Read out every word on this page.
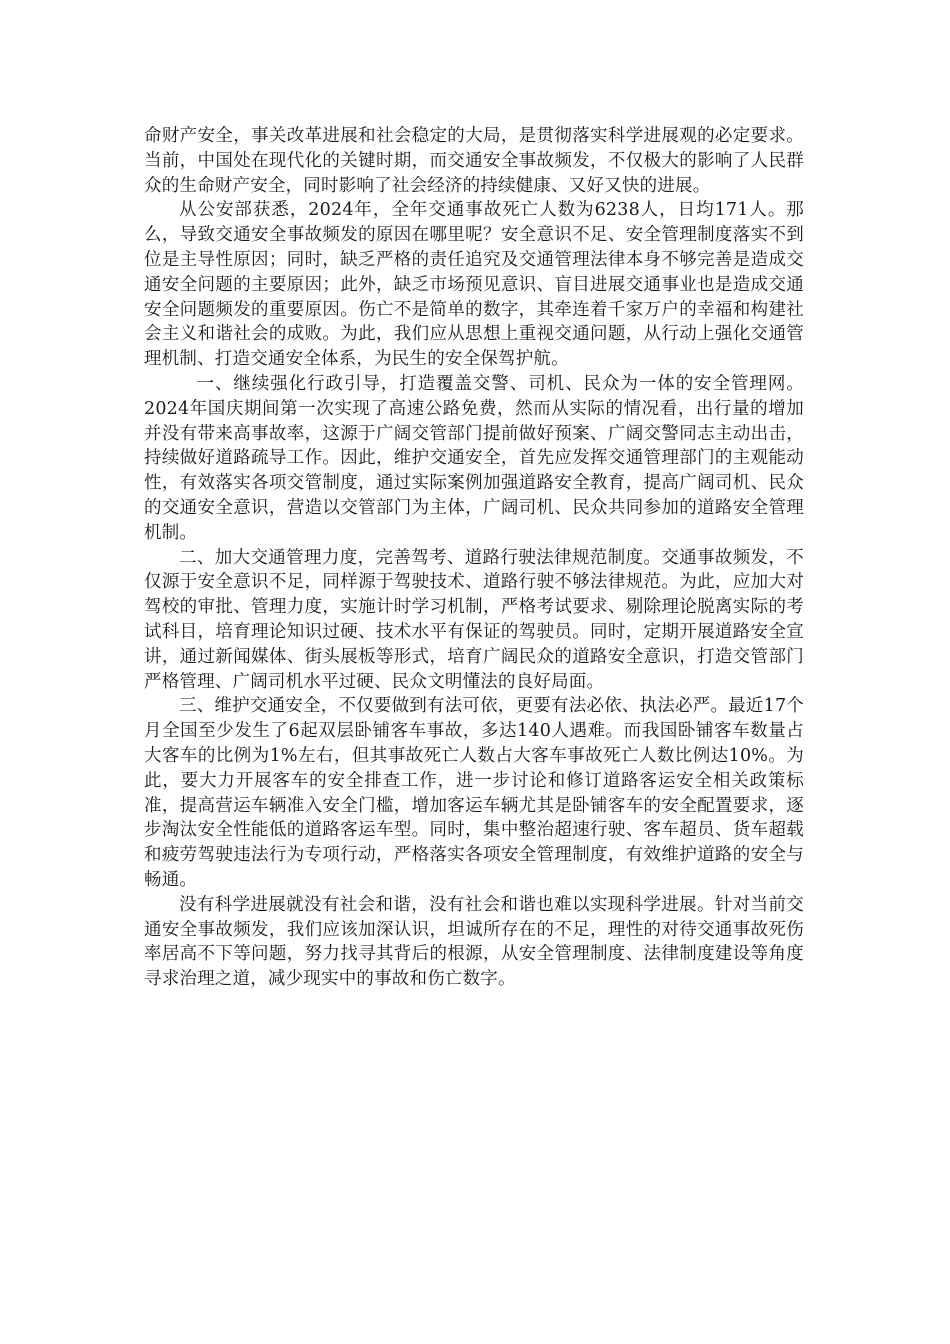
命财产安全，事关改革进展和社会稳定的大局，是贯彻落实科学进展观的必定要求。当前，中国处在现代化的关键时期，而交通安全事故频发，不仅极大的影响了人民群众的生命财产安全，同时影响了社会经济的持续健康、又好又快的进展。

从公安部获悉，2024年，全年交通事故死亡人数为6238人，日均171人。那么，导致交通安全事故频发的原因在哪里呢？安全意识不足、安全管理制度落实不到位是主导性原因；同时，缺乏严格的责任追究及交通管理法律本身不够完善是造成交通安全问题的主要原因；此外，缺乏市场预见意识、盲目进展交通事业也是造成交通安全问题频发的重要原因。伤亡不是简单的数字，其牵连着千家万户的幸福和构建社会主义和谐社会的成败。为此，我们应从思想上重视交通问题，从行动上强化交通管理机制、打造交通安全体系，为民生的安全保驾护航。

一、继续强化行政引导，打造覆盖交警、司机、民众为一体的安全管理网。2024年国庆期间第一次实现了高速公路免费，然而从实际的情况看，出行量的增加并没有带来高事故率，这源于广阔交管部门提前做好预案、广阔交警同志主动出击，持续做好道路疏导工作。因此，维护交通安全，首先应发挥交通管理部门的主观能动性，有效落实各项交管制度，通过实际案例加强道路安全教育，提高广阔司机、民众的交通安全意识，营造以交管部门为主体，广阔司机、民众共同参加的道路安全管理机制。

二、加大交通管理力度，完善驾考、道路行驶法律规范制度。交通事故频发，不仅源于安全意识不足，同样源于驾驶技术、道路行驶不够法律规范。为此，应加大对驾校的审批、管理力度，实施计时学习机制，严格考试要求、剔除理论脱离实际的考试科目，培育理论知识过硬、技术水平有保证的驾驶员。同时，定期开展道路安全宣讲，通过新闻媒体、街头展板等形式，培育广阔民众的道路安全意识，打造交管部门严格管理、广阔司机水平过硬、民众文明懂法的良好局面。

三、维护交通安全，不仅要做到有法可依，更要有法必依、执法必严。最近17个月全国至少发生了6起双层卧铺客车事故，多达140人遇难。而我国卧铺客车数量占大客车的比例为1%左右，但其事故死亡人数占大客车事故死亡人数比例达10%。为此，要大力开展客车的安全排查工作，进一步讨论和修订道路客运安全相关政策标准，提高营运车辆准入安全门槛，增加客运车辆尤其是卧铺客车的安全配置要求，逐步淘汰安全性能低的道路客运车型。同时，集中整治超速行驶、客车超员、货车超载和疲劳驾驶违法行为专项行动，严格落实各项安全管理制度，有效维护道路的安全与畅通。

没有科学进展就没有社会和谐，没有社会和谐也难以实现科学进展。针对当前交通安全事故频发，我们应该加深认识，坦诚所存在的不足，理性的对待交通事故死伤率居高不下等问题，努力找寻其背后的根源，从安全管理制度、法律制度建设等角度寻求治理之道，减少现实中的事故和伤亡数字。
